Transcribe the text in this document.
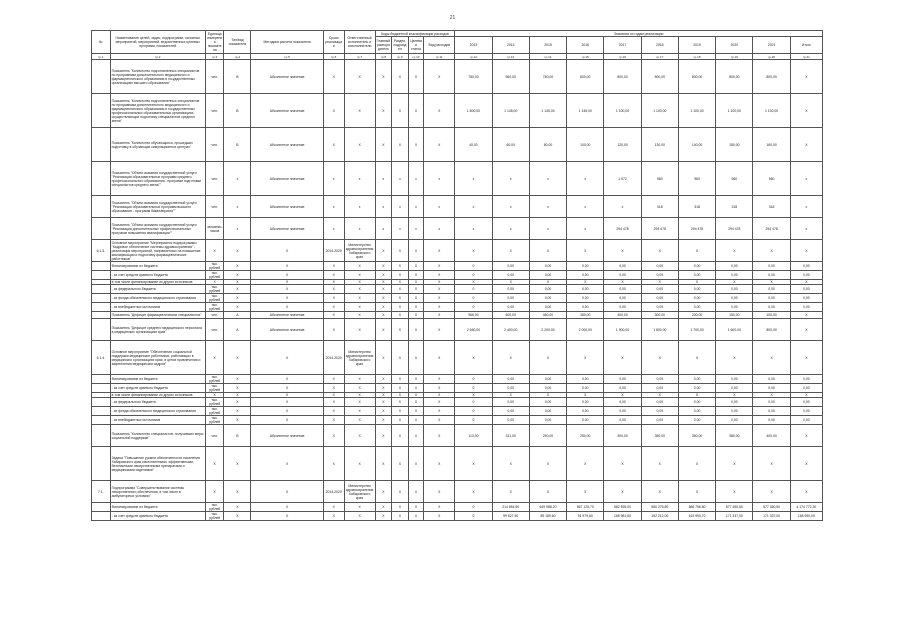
21
№	Наименование целей, задач, подпрограмм, основных мероприятий, мероприятий, ведомственных целевых программ, показателей	Единица измерения показателя	Тип/вид показателя	Методика расчета показателя	Сроки реализации	Ответственный исполнитель и соисполнители	Коды бюджетной классификации расходов				Значения по годам реализации									
							Главный распорядитель	Раздел, подраздел	Целевая статья	Вид расходов	2013	2014	2015	2016	2017	2018	2019	2020	2021	Итого
гр.1	гр.2	гр.3	гр.4	гр.5	гр.6	гр.7	гр.8	гр.9	гр.10	гр.11	гр.12	гр.13	гр.14	гр.15	гр.16	гр.17	гр.18	гр.19	гр.20	гр.21
	Показатель "Количество подготовленных специалистов по программам дополнительного медицинского и фармацевтического образования в государственных организациях высшего образования"	чел.	В	Абсолютное значение	Х	Х	Х	Х	Х	Х	780,00	960,00	780,00	800,00	800,00	800,00	800,00	800,00	800,00	Х
	Показатель "Количество подготовленных специалистов по программам дополнительного медицинского и фармацевтического образования в государственных профессиональных образовательных организациях, осуществляющих подготовку специалистов среднего звена"	чел.	В	Абсолютное значение	Х	Х	Х	Х	Х	Х	1 800,00	1 145,00	1 145,00	1 145,00	1 100,00	1 100,00	1 100,00	1 100,00	1 100,00	Х
	Показатель "Количество обучающихся, прошедших подготовку в обучающих симуляционных центрах"	чел.	В	Абсолютное значение	Х	Х	Х	Х	Х	Х	40,00	60,00	80,00	100,00	120,00	130,00	140,00	150,00	160,00	Х
	Показатель "Объем оказания государственной услуги "Реализация образовательных программ среднего профессионального образования - программ подготовки специалистов среднего звена""	чел.	х	Абсолютное значение	х	х	х	х	х	х	х	х	х	х	1 572	960	960	960	960	х
	Показатель "Объем оказания государственной услуги "Реализация образовательных программ высшего образования - программ бакалавриата""	чел.	х	Абсолютное значение	х	х	х	х	х	х	х	х	х	х	х	318	318	318	318	х
	Показатель "Объем оказания государственной услуги "Реализация дополнительных профессиональных программ повышения квалификации""	человеко-часов	х	Абсолютное значение	х	х	х	х	х	х	х	х	х	х	294 478	294 478	294 478	294 478	294 478	х
6.1.3.	Основное мероприятие "Мероприятия подпрограммы "Кадровое обеспечение системы здравоохранения" - реализация мероприятий, направленных на повышение квалификации и подготовку фармацевтических работников"	Х	Х	Х	2014-2020	Министерство здравоохранения Хабаровского края	Х	Х	Х	Х	Х	Х	Х	Х	Х	Х	Х	Х	Х	Х
	Финансирование из бюджета	тыс. рублей	Х	Х	Х	Х	Х	Х	Х	Х	0	0,00	0,00	0,00	0,00	0,00	0,00	0,00	0,00	0,00
	- за счет средств краевого бюджета	тыс. рублей	Х	Х	Х	Х	Х	Х	Х	Х	0	0,00	0,00	0,00	0,00	0,00	0,00	0,00	0,00	0,00
	в том числе финансирование из других источников	Х	Х	Х	Х	Х	Х	Х	Х	Х	Х	Х	Х	Х	Х	Х	Х	Х	Х	Х
	- из федерального бюджета	тыс. рублей	Х	Х	Х	Х	Х	Х	Х	Х	0	0,00	0,00	0,00	0,00	0,00	0,00	0,00	0,00	0,00
	- из фонда обязательного медицинского страхования	тыс. рублей	Х	Х	Х	Х	Х	Х	Х	Х	0	0,00	0,00	0,00	0,00	0,00	0,00	0,00	0,00	0,00
	- из внебюджетных источников	тыс. рублей	Х	Х	Х	Х	Х	Х	Х	Х	0	0,00	0,00	0,00	0,00	0,00	0,00	0,00	0,00	0,00
	Показатель "Дефицит фармацевтических специалистов"	чел.	А	Абсолютное значение	Х	Х	Х	Х	Х	Х	966,00	600,00	480,00	380,00	400,00	300,00	200,00	150,00	100,00	Х
	Показатель "Дефицит среднего медицинского персонала в медицинских организациях края"	чел.	А	Абсолютное значение	Х	Х	Х	Х	Х	Х	2 660,00	2 400,00	2 200,00	2 000,00	1 900,00	1 800,00	1 700,00	1 600,00	800,00	Х
6.1.4.	Основное мероприятие "Обеспечение социальной поддержки медицинских работников, работающих в медицинских организациях края, в целях привлечения и закрепления медицинских кадров"	Х	Х	Х	2014-2020	Министерство здравоохранения Хабаровского края	Х	Х	Х	Х	Х	Х	Х	Х	Х	Х	Х	Х	Х	Х
	Финансирование из бюджета	тыс. рублей	Х	Х	Х	Х	Х	Х	Х	Х	0	0,00	0,00	0,00	0,00	0,00	0,00	0,00	0,00	0,00
	- за счет средств краевого бюджета	тыс. рублей	Х	Х	Х	Х	Х	Х	Х	Х	0	0,00	0,00	0,00	0,00	0,00	0,00	0,00	0,00	0,00
	в том числе финансирование из других источников	Х	Х	Х	Х	Х	Х	Х	Х	Х	Х	Х	Х	Х	Х	Х	Х	Х	Х	Х
	- из федерального бюджета	тыс. рублей	Х	Х	Х	Х	Х	Х	Х	Х	0	0,00	0,00	0,00	0,00	0,00	0,00	0,00	0,00	0,00
	- из фонда обязательного медицинского страхования	тыс. рублей	Х	Х	Х	Х	Х	Х	Х	Х	0	0,00	0,00	0,00	0,00	0,00	0,00	0,00	0,00	0,00
	- из внебюджетных источников	тыс. рублей	Х	Х	Х	Х	Х	Х	Х	Х	0	0,00	0,00	0,00	0,00	0,00	0,00	0,00	0,00	0,00
	Показатель "Количество специалистов, получивших меры социальной поддержки"	чел.	В	Абсолютное значение	Х	Х	Х	Х	Х	Х	113,00	311,00	250,00	250,00	300,00	350,00	350,00	380,00	400,00	Х
	Задача "Повышение уровня обеспеченности населения Хабаровского края качественными, эффективными, безопасными лекарственными препаратами и медицинскими изделиями"	Х	Х	Х	Х	Х	Х	Х	Х	Х	Х	Х	Х	Х	Х	Х	Х	Х	Х	Х
7.1.	Подпрограмма "Совершенствование системы лекарственного обеспечения, в том числе в амбулаторных условиях"	Х	Х	Х	2014-2020	Министерство здравоохранения Хабаровского края	Х	Х	Х	Х	Х	Х	Х	Х	Х	Х	Х	Х	Х	Х
	Финансирование из бюджета	тыс. рублей	Х	Х	Х	Х	Х	Х	Х	Х	0	214 854,90	649 988,20	567 125,70	582 595,00	580 276,80	586 756,80	577 450,50	577 450,50	4 174 772,30
	- за счет средств краевого бюджета	тыс. рублей	Х	Х	Х	Х	Х	Х	Х	Х	0	99 627,50	89 189,60	91 979,60	168 981,60	152 212,00	163 990,70	171 337,00	171 337,00	168 990,00
